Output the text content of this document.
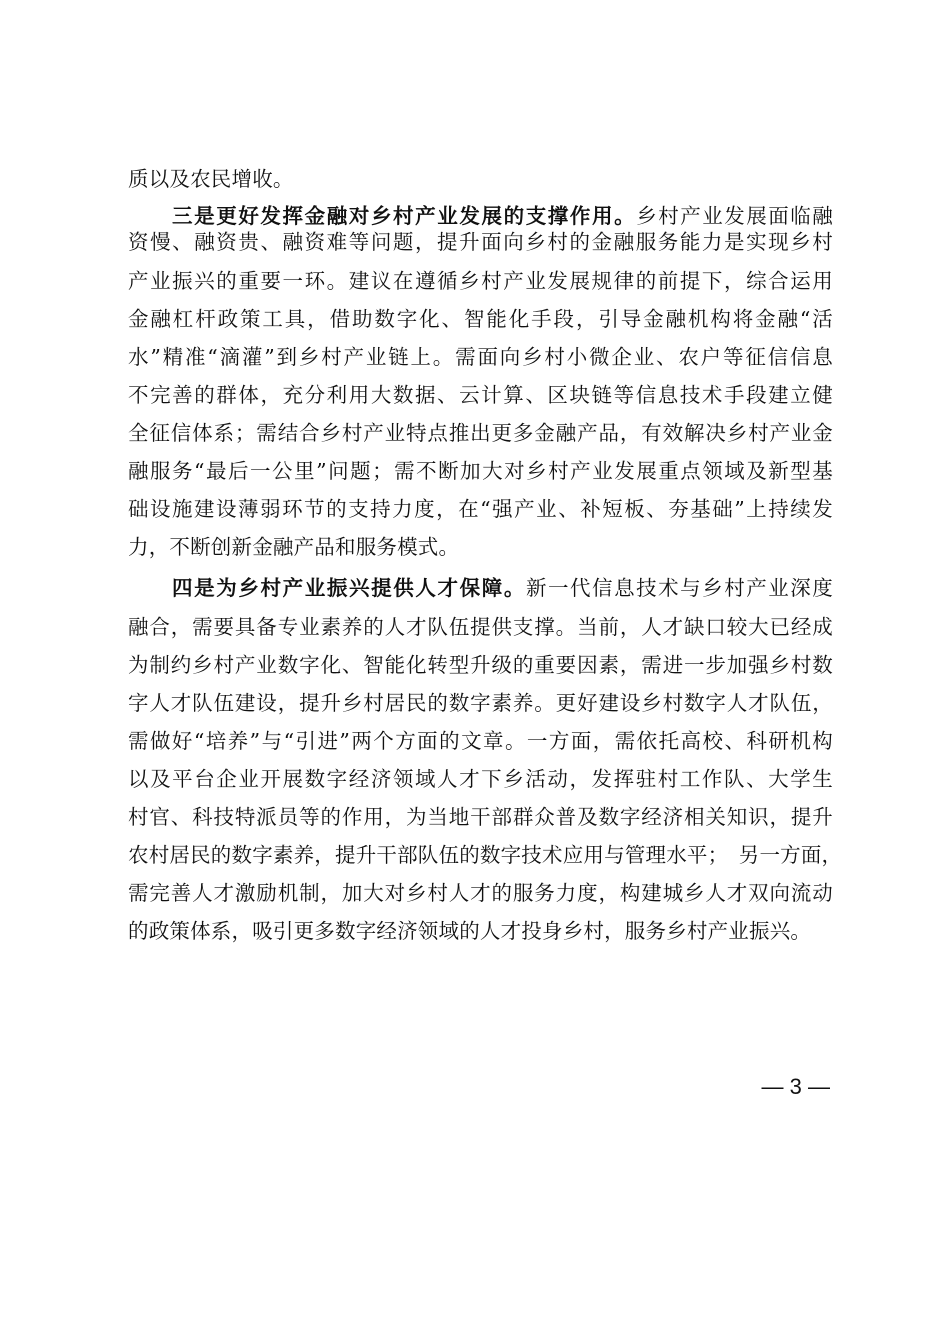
质以及农民增收。
三是更好发挥金融对乡村产业发展的支撑作用。乡村产业发展面临融
资慢、融资贵、融资难等问题，提升面向乡村的金融服务能力是实现乡村
产业振兴的重要一环。建议在遵循乡村产业发展规律的前提下，综合运用
金融杠杆政策工具，借助数字化、智能化手段，引导金融机构将金融“活
水”精准“滴灌”到乡村产业链上。需面向乡村小微企业、农户等征信信息
不完善的群体，充分利用大数据、云计算、区块链等信息技术手段建立健
全征信体系；需结合乡村产业特点推出更多金融产品，有效解决乡村产业金
融服务“最后一公里”问题；需不断加大对乡村产业发展重点领域及新型基
础设施建设薄弱环节的支持力度，在“强产业、补短板、夯基础”上持续发
力，不断创新金融产品和服务模式。
四是为乡村产业振兴提供人才保障。新一代信息技术与乡村产业深度
融合，需要具备专业素养的人才队伍提供支撑。当前，人才缺口较大已经成
为制约乡村产业数字化、智能化转型升级的重要因素，需进一步加强乡村数
字人才队伍建设，提升乡村居民的数字素养。更好建设乡村数字人才队伍，
需做好“培养”与“引进”两个方面的文章。一方面，需依托高校、科研机构
以及平台企业开展数字经济领域人才下乡活动，发挥驻村工作队、大学生
村官、科技特派员等的作用，为当地干部群众普及数字经济相关知识，提升
农村居民的数字素养，提升干部队伍的数字技术应用与管理水平；　另一方面，
需完善人才激励机制，加大对乡村人才的服务力度，构建城乡人才双向流动
的政策体系，吸引更多数字经济领域的人才投身乡村，服务乡村产业振兴。
— 3 —
